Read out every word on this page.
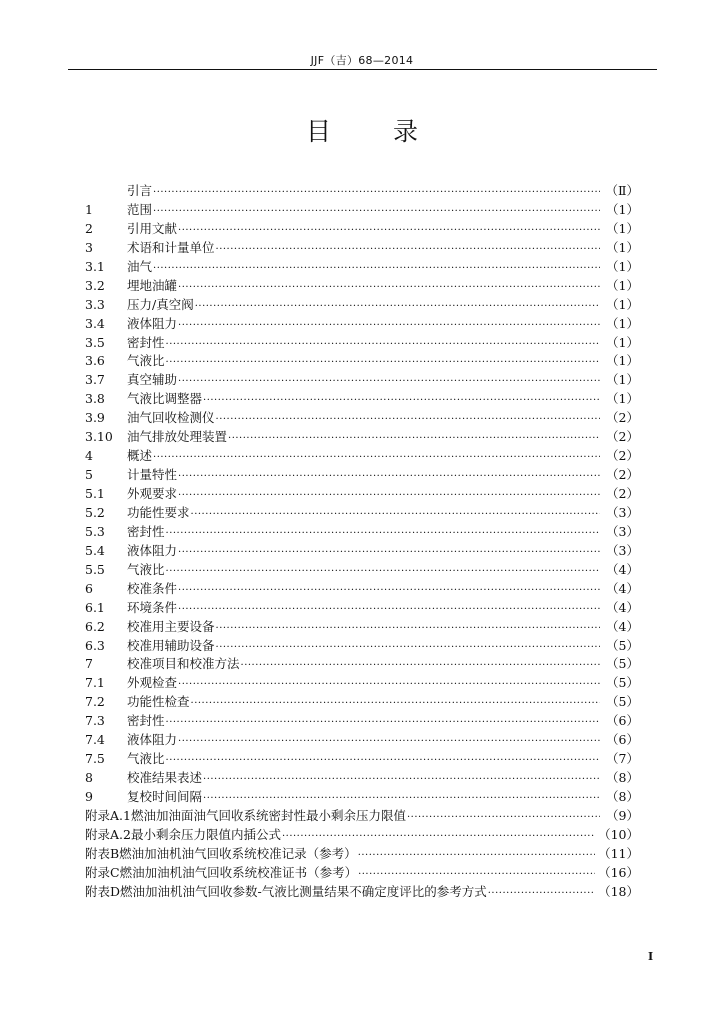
JJF（吉）68—2014
目 录
引言 ·····	（Ⅱ）
1	范围 ·····	（1）
2	引用文献 ·····	（1）
3	术语和计量单位 ·····	（1）
3.1	油气 ·····	（1）
3.2	埋地油罐 ·····	（1）
3.3	压力/真空阀 ·····	（1）
3.4	液体阻力 ·····	（1）
3.5	密封性 ·····	（1）
3.6	气液比 ·····	（1）
3.7	真空辅助 ·····	（1）
3.8	气液比调整器 ·····	（1）
3.9	油气回收检测仪 ·····	（2）
3.10	油气排放处理装置 ·····	（2）
4	概述 ·····	（2）
5	计量特性 ·····	（2）
5.1	外观要求 ·····	（2）
5.2	功能性要求 ·····	（3）
5.3	密封性 ·····	（3）
5.4	液体阻力 ·····	（3）
5.5	气液比 ·····	（4）
6	校准条件 ·····	（4）
6.1	环境条件 ·····	（4）
6.2	校准用主要设备 ·····	（4）
6.3	校准用辅助设备 ·····	（5）
7	校准项目和校准方法 ·····	（5）
7.1	外观检查 ·····	（5）
7.2	功能性检查 ·····	（5）
7.3	密封性 ·····	（6）
7.4	液体阻力 ·····	（6）
7.5	气液比 ·····	（7）
8	校准结果表述 ·····	（8）
9	复校时间间隔 ·····	（8）
附录A.1燃油加油面油气回收系统密封性最小剩余压力限值 ·····	（9）
附录A.2最小剩余压力限值内插公式 ·····	（10）
附表B燃油加油机油气回收系统校准记录（参考） ·····	（11）
附录C燃油加油机油气回收系统校准证书（参考） ·····	（16）
附表D燃油加油机油气回收参数-气液比测量结果不确定度评比的参考方式 ·····	（18）
I
